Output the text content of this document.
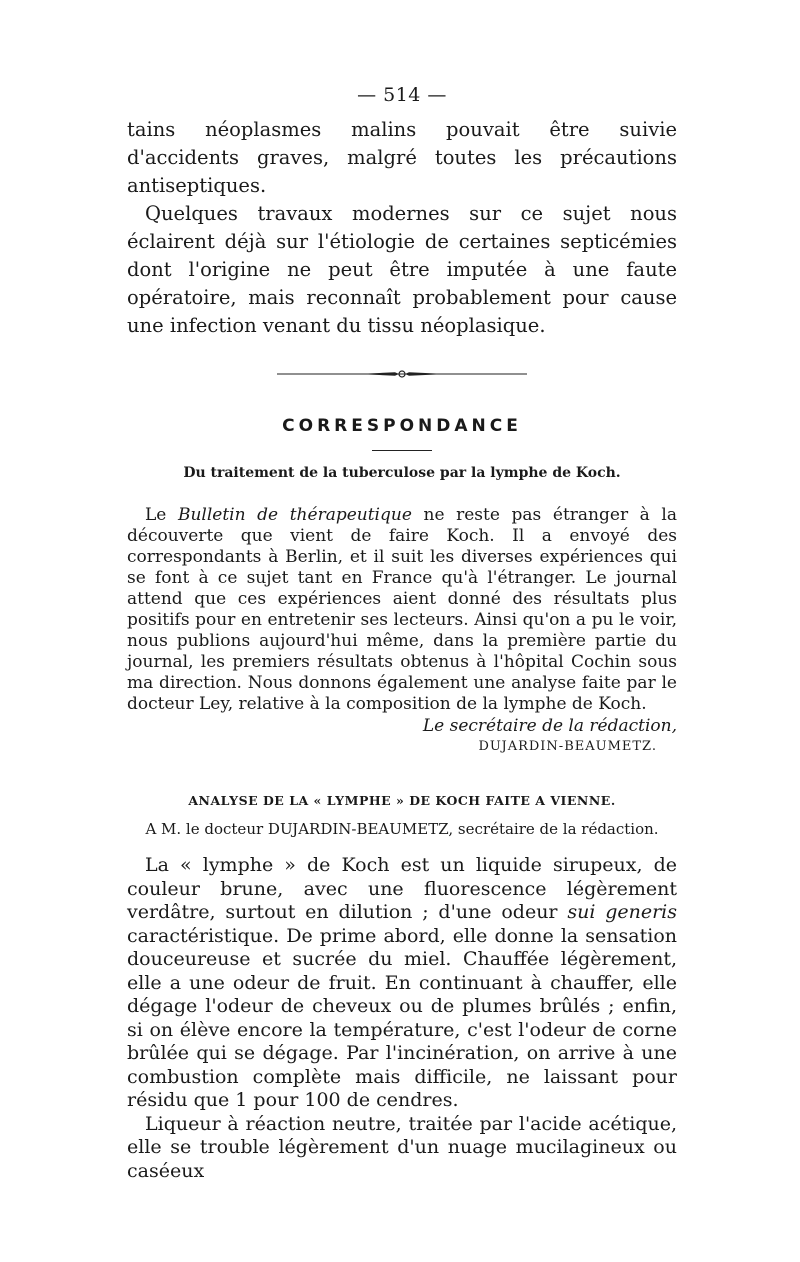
— 514 —

tains néoplasmes malins pouvait être suivie d'accidents graves, malgré toutes les précautions antiseptiques.

Quelques travaux modernes sur ce sujet nous éclairent déjà sur l'étiologie de certaines septicémies dont l'origine ne peut être imputée à une faute opératoire, mais reconnaît probablement pour cause une infection venant du tissu néoplasique.

CORRESPONDANCE
Du traitement de la tuberculose par la lymphe de Koch.

Le Bulletin de thérapeutique ne reste pas étranger à la découverte que vient de faire Koch. Il a envoyé des correspondants à Berlin, et il suit les diverses expériences qui se font à ce sujet tant en France qu'à l'étranger. Le journal attend que ces expériences aient donné des résultats plus positifs pour en entretenir ses lecteurs. Ainsi qu'on a pu le voir, nous publions aujourd'hui même, dans la première partie du journal, les premiers résultats obtenus à l'hôpital Cochin sous ma direction. Nous donnons également une analyse faite par le docteur Ley, relative à la composition de la lymphe de Koch.

Le secrétaire de la rédaction,
DUJARDIN-BEAUMETZ.
ANALYSE DE LA « LYMPHE » DE KOCH FAITE A VIENNE.
A M. le docteur DUJARDIN-BEAUMETZ, secrétaire de la rédaction.

La « lymphe » de Koch est un liquide sirupeux, de couleur brune, avec une fluorescence légèrement verdâtre, surtout en dilution ; d'une odeur sui generis caractéristique. De prime abord, elle donne la sensation douceureuse et sucrée du miel. Chauffée légèrement, elle a une odeur de fruit. En continuant à chauffer, elle dégage l'odeur de cheveux ou de plumes brûlés ; enfin, si on élève encore la température, c'est l'odeur de corne brûlée qui se dégage. Par l'incinération, on arrive à une combustion complète mais difficile, ne laissant pour résidu que 1 pour 100 de cendres.

Liqueur à réaction neutre, traitée par l'acide acétique, elle se trouble légèrement d'un nuage mucilagineux ou caséeux
